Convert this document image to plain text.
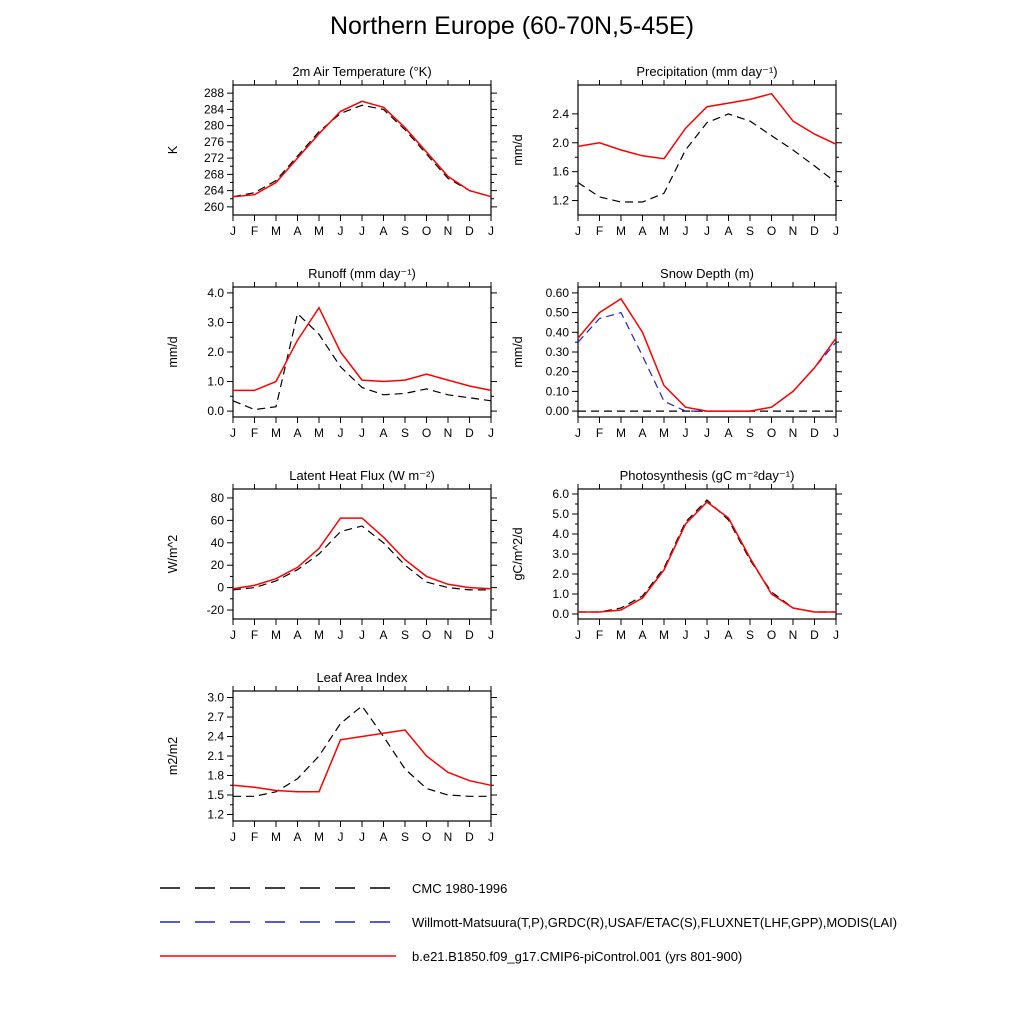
Northern Europe (60-70N,5-45E)
2m Air Temperature (°K)
K
260
264
268
272
276
280
284
288
J F M A M J J A S O N D J
Precipitation (mm day⁻¹)
mm/d
1.2
1.6
2.0
2.4
J F M A M J J A S O N D J
Runoff (mm day⁻¹)
mm/d
0.0
1.0
2.0
3.0
4.0
J F M A M J J A S O N D J
Snow Depth (m)
mm/d
0.00
0.10
0.20
0.30
0.40
0.50
0.60
J F M A M J J A S O N D J
Latent Heat Flux (W m⁻²)
W/m^2
-20
0
20
40
60
80
J F M A M J J A S O N D J
Photosynthesis (gC m⁻²day⁻¹)
gC/m^2/d
0.0
1.0
2.0
3.0
4.0
5.0
6.0
J F M A M J J A S O N D J
Leaf Area Index
m2/m2
1.2
1.5
1.8
2.1
2.4
2.7
3.0
J F M A M J J A S O N D J
CMC 1980-1996
Willmott-Matsuura(T,P),GRDC(R),USAF/ETAC(S),FLUXNET(LHF,GPP),MODIS(LAI)
b.e21.B1850.f09_g17.CMIP6-piControl.001 (yrs 801-900)
